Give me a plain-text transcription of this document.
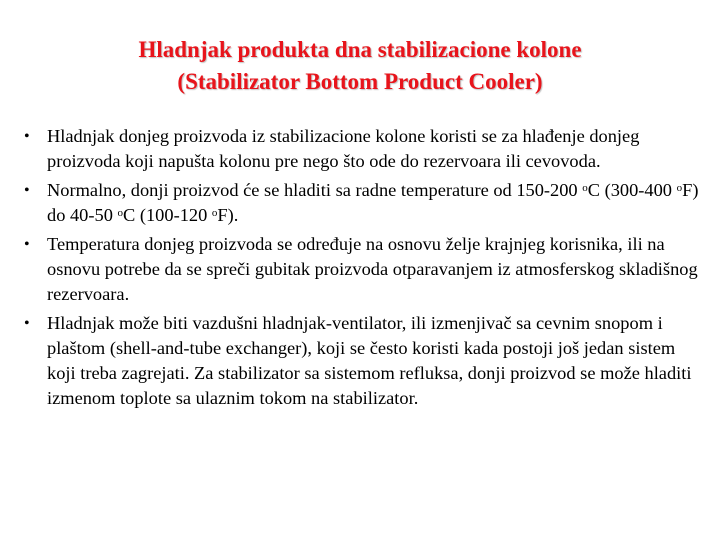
Hladnjak produkta dna stabilizacione kolone
(Stabilizator Bottom Product Cooler)
• Hladnjak donjeg proizvoda iz stabilizacione kolone koristi se za hlađenje donjeg proizvoda koji napušta kolonu pre nego što ode do rezervoara ili cevovoda.
• Normalno, donji proizvod će se hladiti sa radne temperature od 150-200 $^o$C (300-400 $^o$F) do 40-50 $^o$C (100-120 $^o$F).
• Temperatura donjeg proizvoda se određuje na osnovu želje krajnjeg korisnika, ili na osnovu potrebe da se spreči gubitak proizvoda otparavanjem iz atmosferskog skladišnog rezervoara.
• Hladnjak može biti vazdušni hladnjak-ventilator, ili izmenjivač sa cevnim snopom i plaštom (shell-and-tube exchanger), koji se često koristi kada postoji još jedan sistem koji treba zagrejati. Za stabilizator sa sistemom refluksa, donji proizvod se može hladiti izmenom toplote sa ulaznim tokom na stabilizator.
